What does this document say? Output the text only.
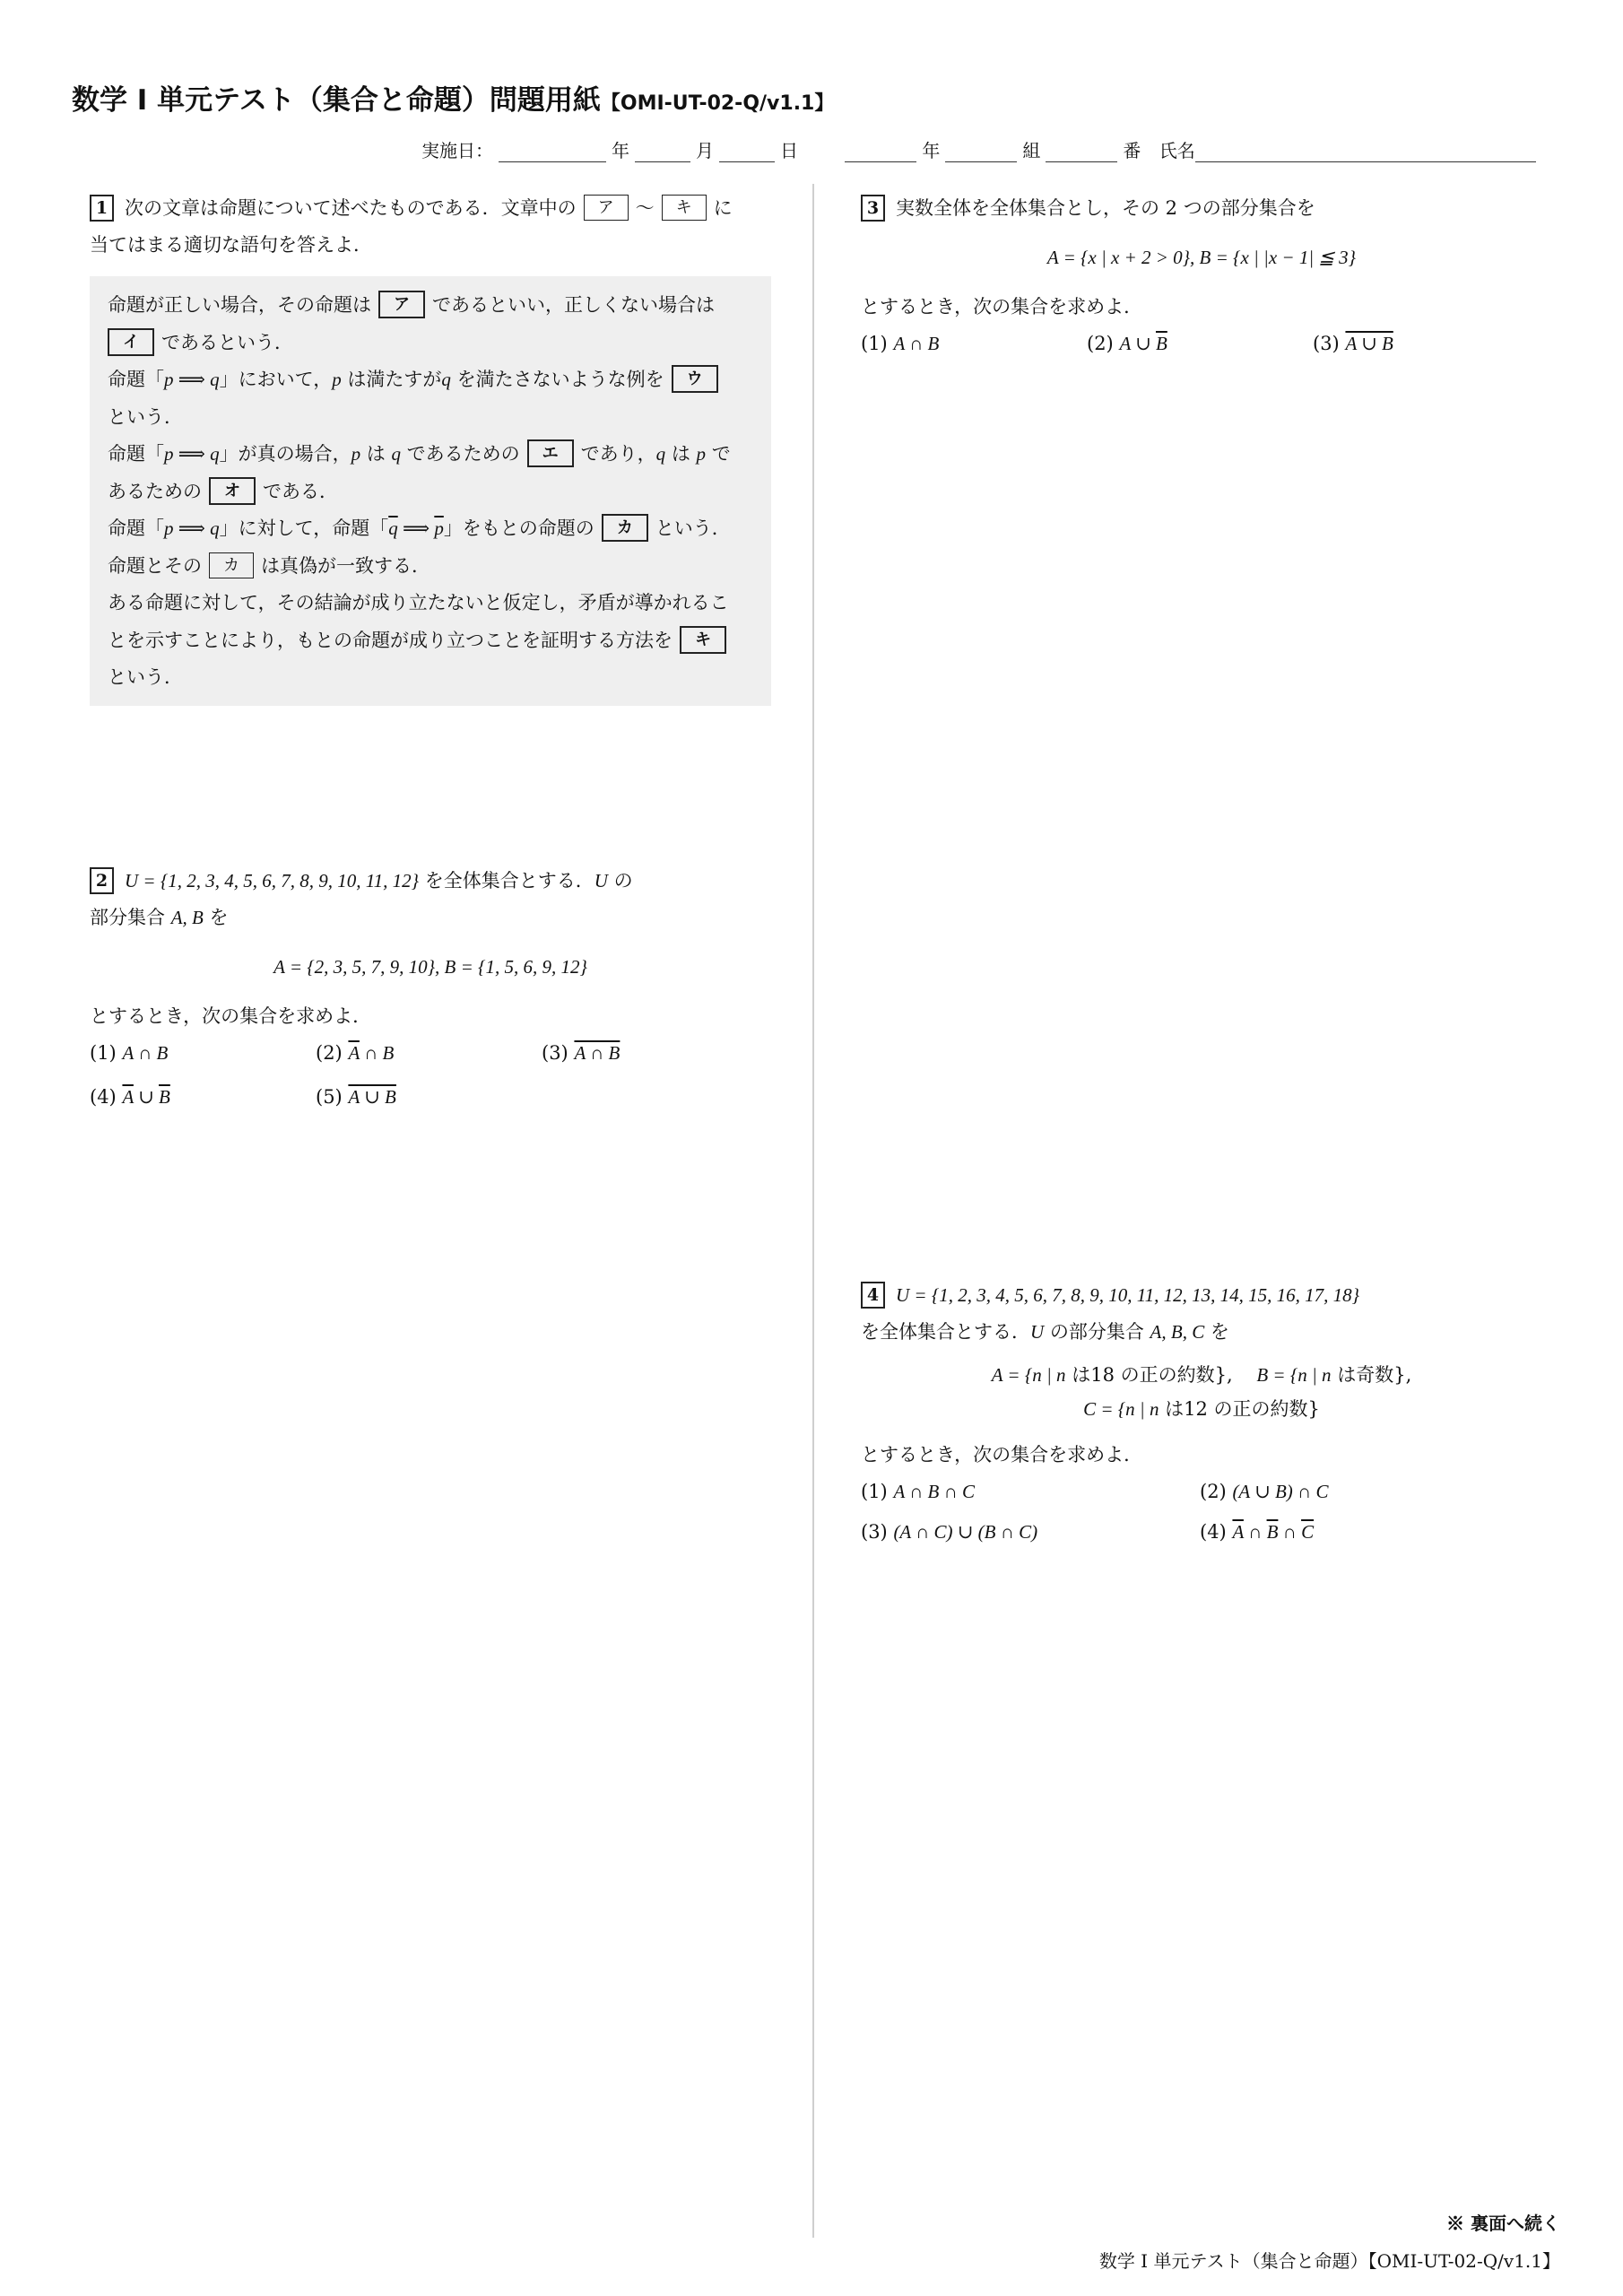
数学 I 単元テスト（集合と命題）問題用紙【OMI-UT-02-Q/v1.1】
実施日：	年	月	日	年	組	番 氏名
1 次の文章は命題について述べたものである．文章中の ア 〜 キ に
当てはまる適切な語句を答えよ．
命題が正しい場合，その命題は ア であるといい，正しくない場合は
イ であるという．
命題「p ⟹ q」において，p は満たすがq を満たさないような例を ウ
という．
命題「p ⟹ q」が真の場合，p は q であるための エ であり，q は p で
あるための オ である．
命題「p ⟹ q」に対して，命題「$\overline{q}$ ⟹ $\overline{p}$」をもとの命題の カ という．
命題とその カ は真偽が一致する．
ある命題に対して，その結論が成り立たないと仮定し，矛盾が導かれるこ
とを示すことにより，もとの命題が成り立つことを証明する方法を キ
という．
2 U = {1, 2, 3, 4, 5, 6, 7, 8, 9, 10, 11, 12} を全体集合とする．U の
部分集合 A, B を
A = {2, 3, 5, 7, 9, 10}, B = {1, 5, 6, 9, 12}
とするとき，次の集合を求めよ．
(1) A ∩ B	(2) $\overline{A}$ ∩ B	(3) A ∩ B
(4) $\overline{A}$ ∪ $\overline{B}$	(5) A ∪ B
3 実数全体を全体集合とし，その 2 つの部分集合を
A = {x | x + 2 > 0}, B = {x | |x − 1| ≦ 3}
とするとき，次の集合を求めよ．
(1) A ∩ B	(2) A ∪ $\overline{B}$	(3) A ∪ B
4 U = {1, 2, 3, 4, 5, 6, 7, 8, 9, 10, 11, 12, 13, 14, 15, 16, 17, 18}
を全体集合とする．U の部分集合 A, B, C を
A = {n | n は18 の正の約数}, B = {n | n は奇数},
C = {n | n は12 の正の約数}
とするとき，次の集合を求めよ．
(1) A ∩ B ∩ C	(2) (A ∪ B) ∩ C
(3) (A ∩ C) ∪ (B ∩ C)	(4) $\overline{A}$ ∩ $\overline{B}$ ∩ $\overline{C}$
※ 裏面へ続く
数学 I 単元テスト（集合と命題）【OMI-UT-02-Q/v1.1】
